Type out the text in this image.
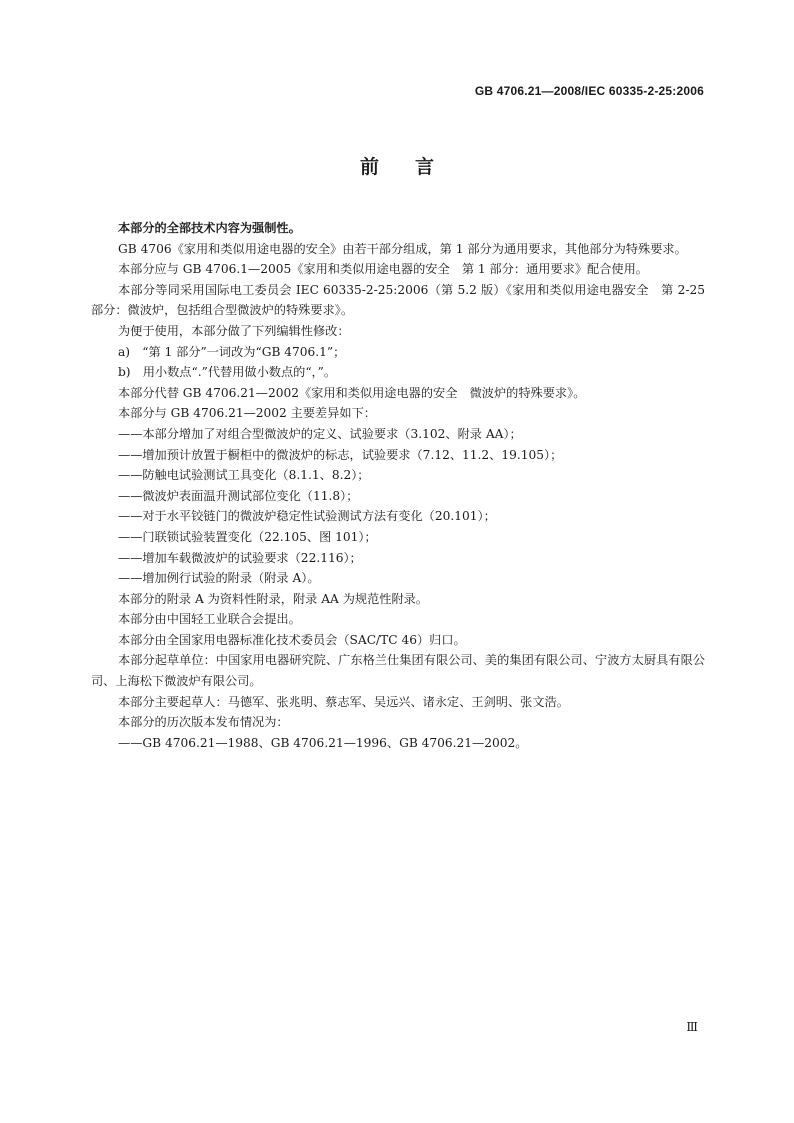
GB 4706.21—2008/IEC 60335-2-25:2006
前言

本部分的全部技术内容为强制性。

GB 4706《家用和类似用途电器的安全》由若干部分组成，第 1 部分为通用要求，其他部分为特殊要求。

本部分应与 GB 4706.1—2005《家用和类似用途电器的安全　第 1 部分：通用要求》配合使用。

本部分等同采用国际电工委员会 IEC 60335-2-25:2006（第 5.2 版）《家用和类似用途电器安全　第 2-25 部分：微波炉，包括组合型微波炉的特殊要求》。

为便于使用，本部分做了下列编辑性修改：

a)　“第 1 部分”一词改为“GB 4706.1”；

b)　用小数点“.”代替用做小数点的“，”。

本部分代替 GB 4706.21—2002《家用和类似用途电器的安全　微波炉的特殊要求》。

本部分与 GB 4706.21—2002 主要差异如下：

——本部分增加了对组合型微波炉的定义、试验要求（3.102、附录 AA）；

——增加预计放置于橱柜中的微波炉的标志，试验要求（7.12、11.2、19.105）；

——防触电试验测试工具变化（8.1.1、8.2）；

——微波炉表面温升测试部位变化（11.8）；

——对于水平铰链门的微波炉稳定性试验测试方法有变化（20.101）；

——门联锁试验装置变化（22.105、图 101）；

——增加车载微波炉的试验要求（22.116）；

——增加例行试验的附录（附录 A）。

本部分的附录 A 为资料性附录，附录 AA 为规范性附录。

本部分由中国轻工业联合会提出。

本部分由全国家用电器标准化技术委员会（SAC/TC 46）归口。

本部分起草单位：中国家用电器研究院、广东格兰仕集团有限公司、美的集团有限公司、宁波方太厨具有限公司、上海松下微波炉有限公司。

本部分主要起草人：马德军、张兆明、蔡志军、吴远兴、诸永定、王剑明、张文浩。

本部分的历次版本发布情况为：

——GB 4706.21—1988、GB 4706.21—1996、GB 4706.21—2002。

Ⅲ
